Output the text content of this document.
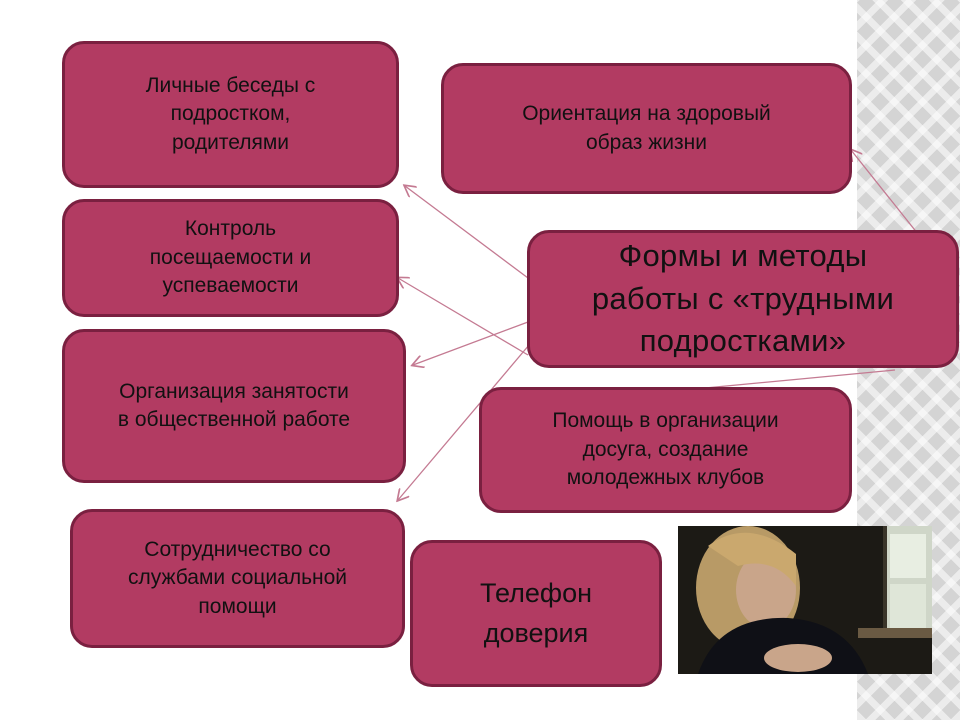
Личные беседы с
подростком,
родителями
Ориентация на здоровый
образ жизни
Контроль
посещаемости и
успеваемости
Формы и методы
работы с «трудными
подростками»
Организация занятости
в общественной работе	Помощь в организации
досуга, создание
молодежных клубов
Сотрудничество со
службами социальной
помощи	Телефон
доверия
